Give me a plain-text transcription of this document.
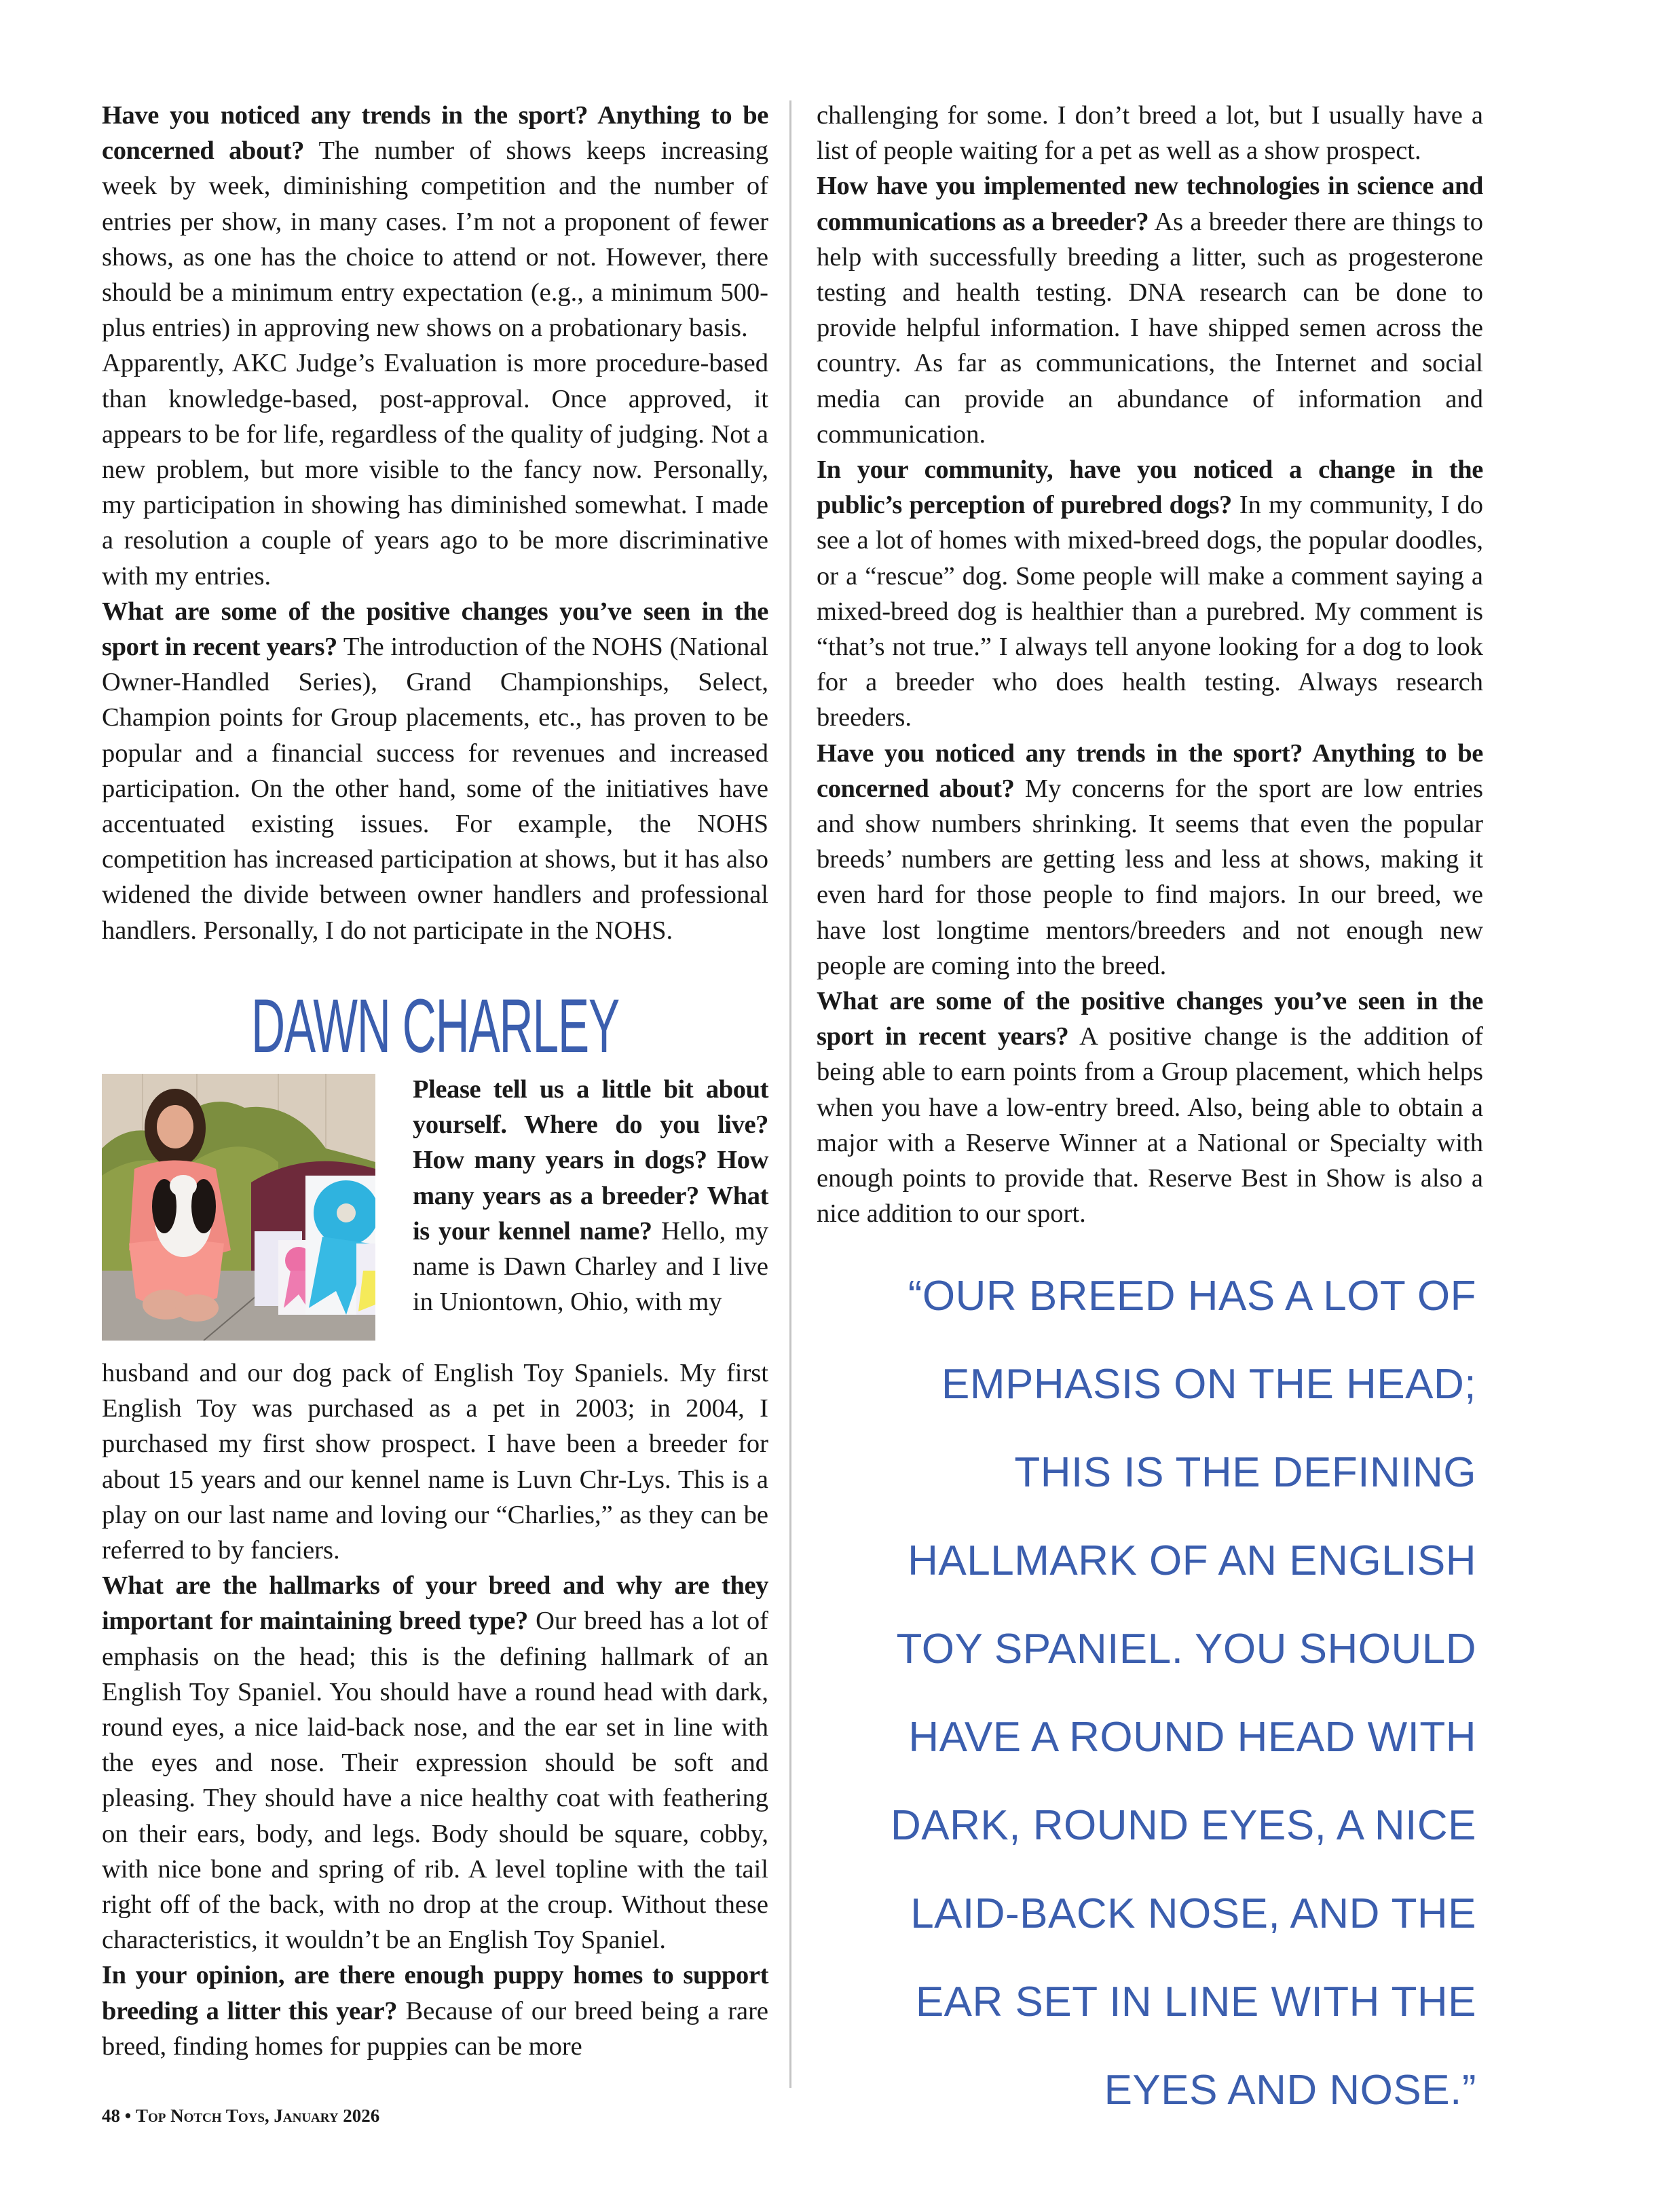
Have you noticed any trends in the sport? Anything to be concerned about? The number of shows keeps increasing week by week, diminishing competition and the number of entries per show, in many cases. I’m not a proponent of fewer shows, as one has the choice to attend or not. However, there should be a minimum entry expectation (e.g., a minimum 500-plus entries) in approving new shows on a probationary basis.

Apparently, AKC Judge’s Evaluation is more procedure-based than knowledge-based, post-approval. Once approved, it appears to be for life, regardless of the quality of judging. Not a new problem, but more visible to the fancy now. Personally, my participation in showing has diminished somewhat. I made a resolution a couple of years ago to be more discriminative with my entries.

What are some of the positive changes you’ve seen in the sport in recent years? The introduction of the NOHS (National Owner-Handled Series), Grand Championships, Select, Champion points for Group placements, etc., has proven to be popular and a financial success for revenues and increased participation. On the other hand, some of the initiatives have accentuated existing issues. For example, the NOHS competition has increased participation at shows, but it has also widened the divide between owner handlers and professional handlers. Personally, I do not participate in the NOHS.

DAWN CHARLEY

Please tell us a little bit about yourself. Where do you live? How many years in dogs? How many years as a breeder? What is your kennel name? Hello, my name is Dawn Charley and I live in Uniontown, Ohio, with my

husband and our dog pack of English Toy Spaniels. My first English Toy was purchased as a pet in 2003; in 2004, I purchased my first show prospect. I have been a breeder for about 15 years and our kennel name is Luvn Chr-Lys. This is a play on our last name and loving our “Charlies,” as they can be referred to by fanciers.

What are the hallmarks of your breed and why are they important for maintaining breed type? Our breed has a lot of emphasis on the head; this is the defining hallmark of an English Toy Spaniel. You should have a round head with dark, round eyes, a nice laid-back nose, and the ear set in line with the eyes and nose. Their expression should be soft and pleasing. They should have a nice healthy coat with feathering on their ears, body, and legs. Body should be square, cobby, with nice bone and spring of rib. A level topline with the tail right off of the back, with no drop at the croup. Without these characteristics, it wouldn’t be an English Toy Spaniel.

In your opinion, are there enough puppy homes to support breeding a litter this year? Because of our breed being a rare breed, finding homes for puppies can be more

challenging for some. I don’t breed a lot, but I usually have a list of people waiting for a pet as well as a show prospect.

How have you implemented new technologies in science and communications as a breeder? As a breeder there are things to help with successfully breeding a litter, such as progesterone testing and health testing. DNA research can be done to provide helpful information. I have shipped semen across the country. As far as communications, the Internet and social media can provide an abundance of information and communication.

In your community, have you noticed a change in the public’s perception of purebred dogs? In my community, I do see a lot of homes with mixed-breed dogs, the popular doodles, or a “rescue” dog. Some people will make a comment saying a mixed-breed dog is healthier than a purebred. My comment is “that’s not true.” I always tell anyone looking for a dog to look for a breeder who does health testing. Always research breeders.

Have you noticed any trends in the sport? Anything to be concerned about? My concerns for the sport are low entries and show numbers shrinking. It seems that even the popular breeds’ numbers are getting less and less at shows, making it even hard for those people to find majors. In our breed, we have lost longtime mentors/breeders and not enough new people are coming into the breed.

What are some of the positive changes you’ve seen in the sport in recent years? A positive change is the addition of being able to earn points from a Group placement, which helps when you have a low-entry breed. Also, being able to obtain a major with a Reserve Winner at a National or Specialty with enough points to provide that. Reserve Best in Show is also a nice addition to our sport.

“OUR BREED HAS A LOT OF
EMPHASIS ON THE HEAD;
THIS IS THE DEFINING
HALLMARK OF AN ENGLISH
TOY SPANIEL. YOU SHOULD
HAVE A ROUND HEAD WITH
DARK, ROUND EYES, A NICE
LAID-BACK NOSE, AND THE
EAR SET IN LINE WITH THE
EYES AND NOSE.”
48 • Top Notch Toys, January 2026
